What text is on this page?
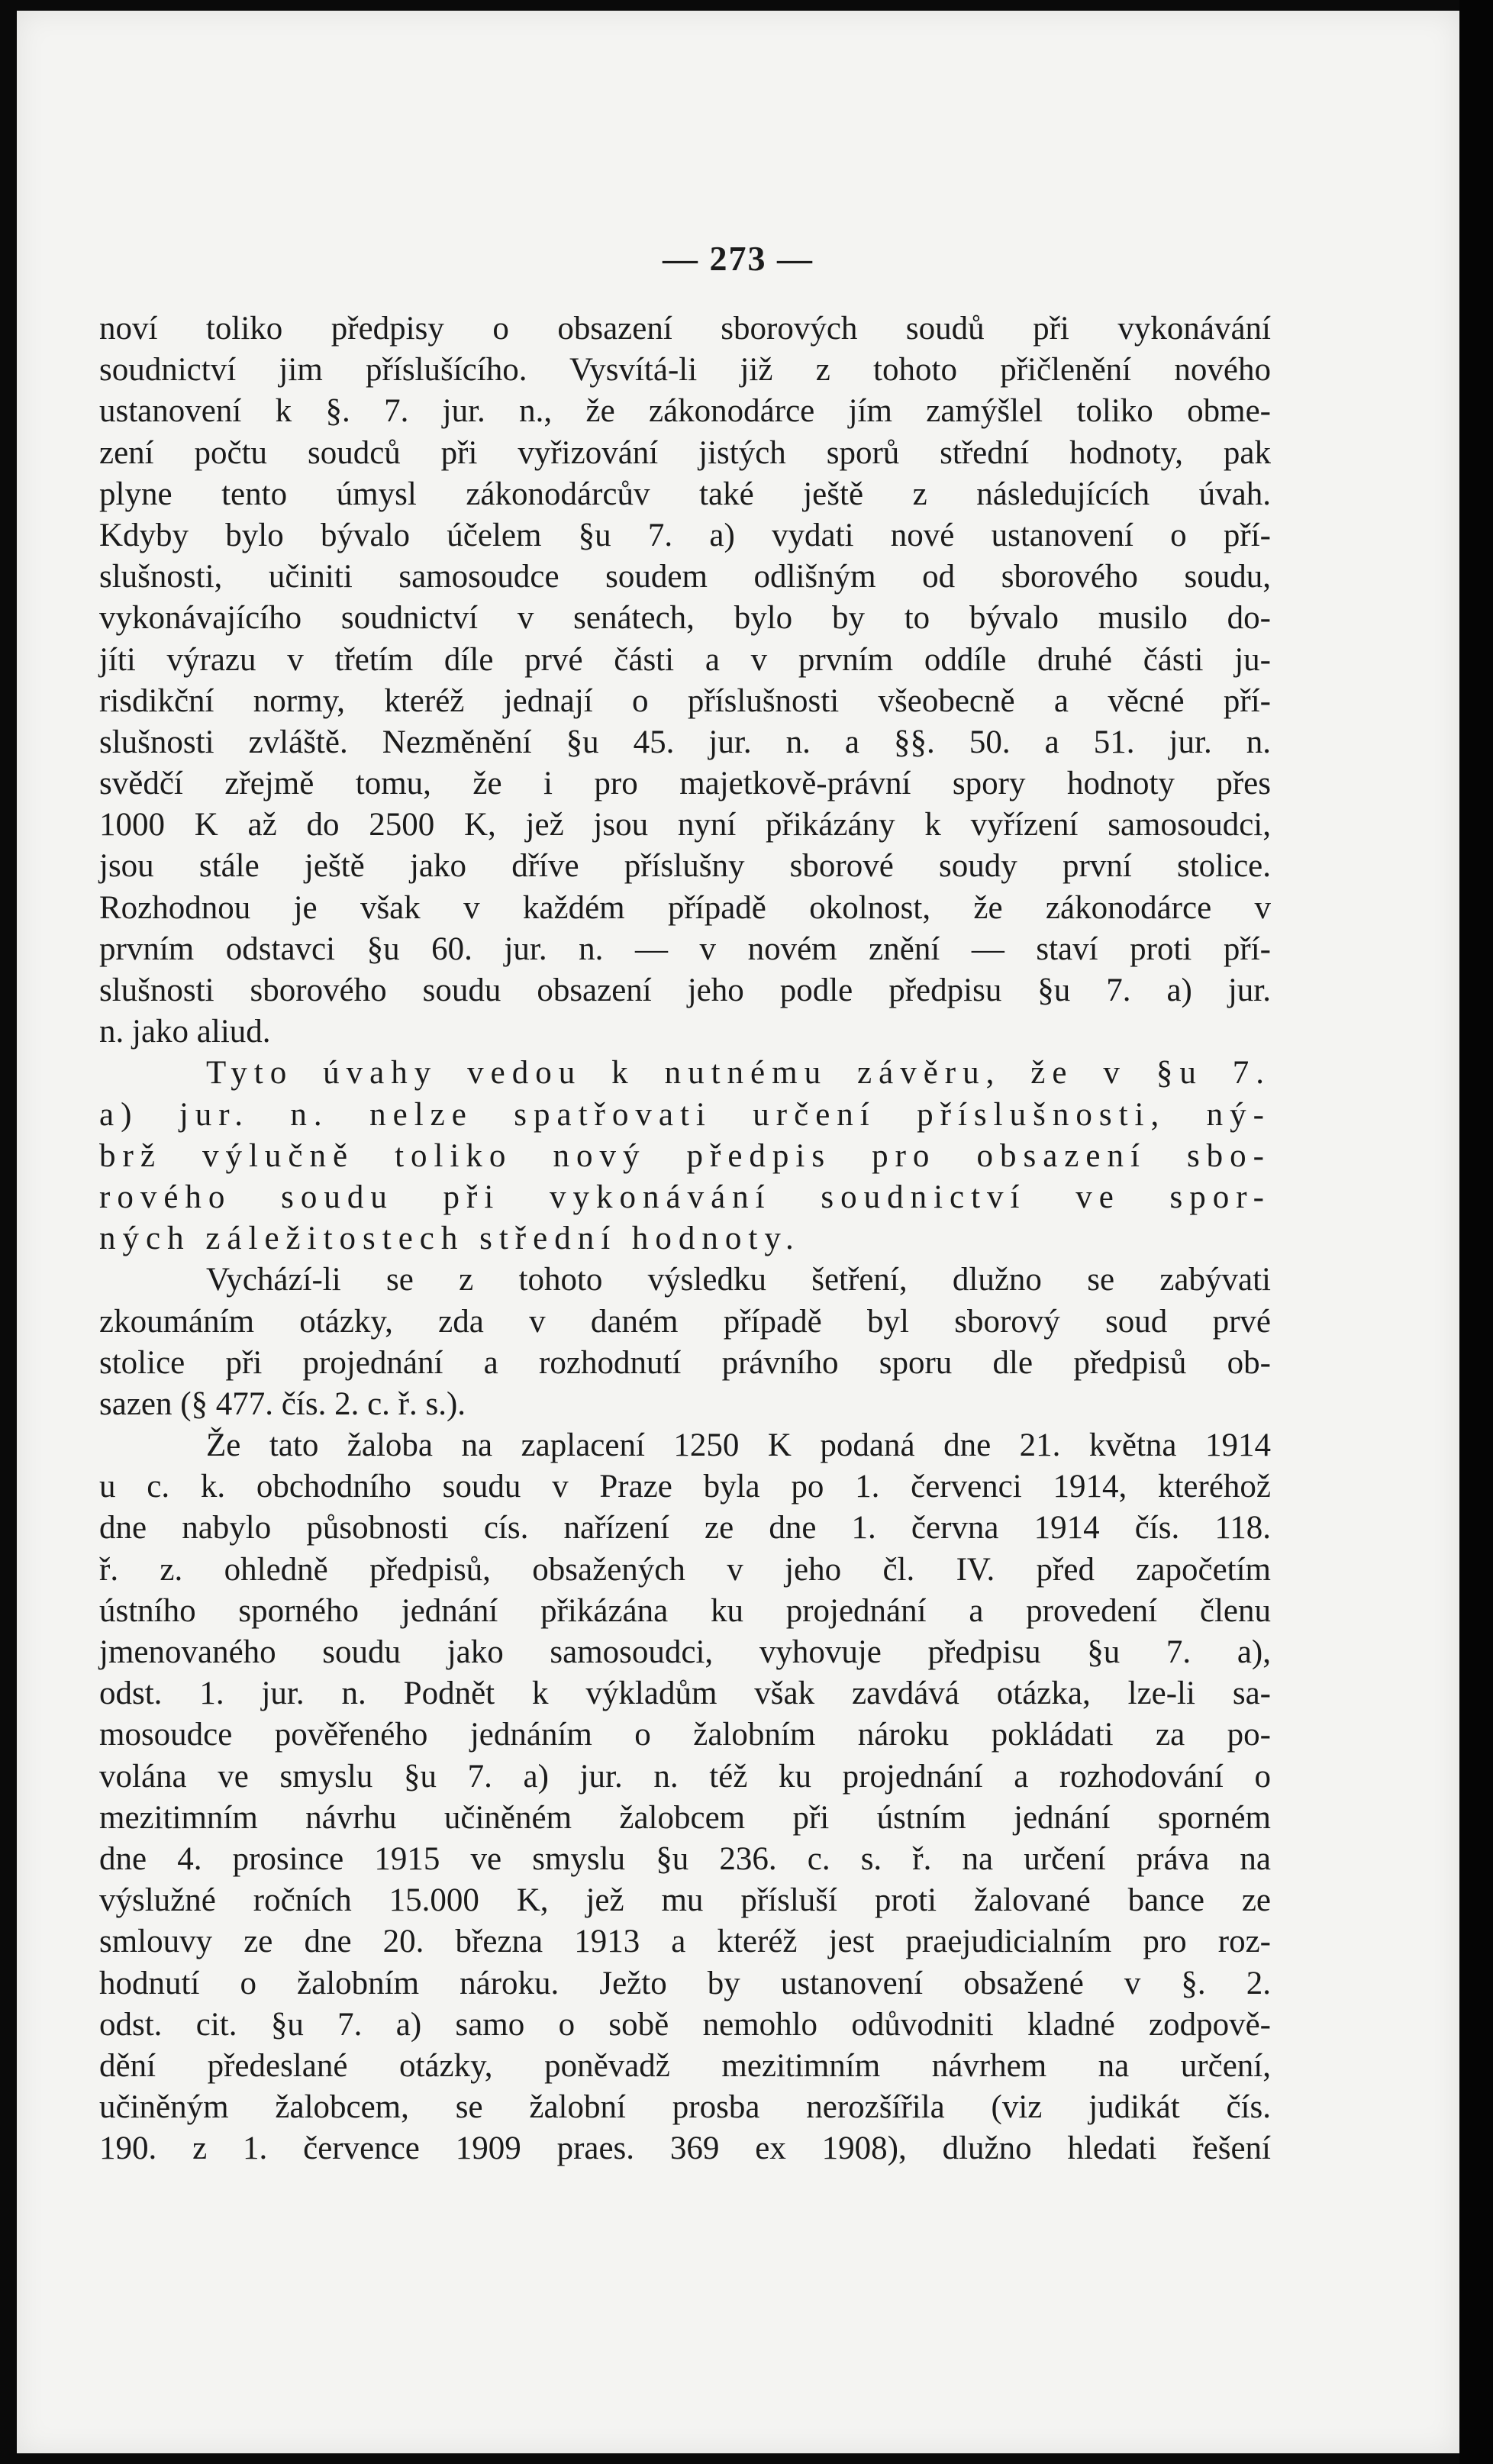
— 273 —
noví toliko předpisy o obsazení sborových soudů při vykonávání
soudnictví jim příslušícího. Vysvítá-li již z tohoto přičlenění nového
ustanovení k §. 7. jur. n., že zákonodárce jím zamýšlel toliko obme-
zení počtu soudců při vyřizování jistých sporů střední hodnoty, pak
plyne tento úmysl zákonodárcův také ještě z následujících úvah.
Kdyby bylo bývalo účelem §u 7. a) vydati nové ustanovení o pří-
slušnosti, učiniti samosoudce soudem odlišným od sborového soudu,
vykonávajícího soudnictví v senátech, bylo by to bývalo musilo do-
jíti výrazu v třetím díle prvé části a v prvním oddíle druhé části ju-
risdikční normy, kteréž jednají o příslušnosti všeobecně a věcné pří-
slušnosti zvláště. Nezměnění §u 45. jur. n. a §§. 50. a 51. jur. n.
svědčí zřejmě tomu, že i pro majetkově-právní spory hodnoty přes
1000 K až do 2500 K, jež jsou nyní přikázány k vyřízení samosoudci,
jsou stále ještě jako dříve příslušny sborové soudy první stolice.
Rozhodnou je však v každém případě okolnost, že zákonodárce v
prvním odstavci §u 60. jur. n. — v novém znění — staví proti pří-
slušnosti sborového soudu obsazení jeho podle předpisu §u 7. a) jur.
n. jako aliud.
Tyto úvahy vedou k nutnému závěru, že v §u 7.
a) jur. n. nelze spatřovati určení příslušnosti, ný-
brž výlučně toliko nový předpis pro obsazení sbo-
rového soudu při vykonávání soudnictví ve spor-
ných záležitostech střední hodnoty.
Vychází-li se z tohoto výsledku šetření, dlužno se zabývati
zkoumáním otázky, zda v daném případě byl sborový soud prvé
stolice při projednání a rozhodnutí právního sporu dle předpisů ob-
sazen (§ 477. čís. 2. c. ř. s.).
Že tato žaloba na zaplacení 1250 K podaná dne 21. května 1914
u c. k. obchodního soudu v Praze byla po 1. červenci 1914, kteréhož
dne nabylo působnosti cís. nařízení ze dne 1. června 1914 čís. 118.
ř. z. ohledně předpisů, obsažených v jeho čl. IV. před započetím
ústního sporného jednání přikázána ku projednání a provedení členu
jmenovaného soudu jako samosoudci, vyhovuje předpisu §u 7. a),
odst. 1. jur. n. Podnět k výkladům však zavdává otázka, lze-li sa-
mosoudce pověřeného jednáním o žalobním nároku pokládati za po-
volána ve smyslu §u 7. a) jur. n. též ku projednání a rozhodování o
mezitimním návrhu učiněném žalobcem při ústním jednání sporném
dne 4. prosince 1915 ve smyslu §u 236. c. s. ř. na určení práva na
výslužné ročních 15.000 K, jež mu přísluší proti žalované bance ze
smlouvy ze dne 20. března 1913 a kteréž jest praejudicialním pro roz-
hodnutí o žalobním nároku. Ježto by ustanovení obsažené v §. 2.
odst. cit. §u 7. a) samo o sobě nemohlo odůvodniti kladné zodpově-
dění předeslané otázky, poněvadž mezitimním návrhem na určení,
učiněným žalobcem, se žalobní prosba nerozšířila (viz judikát čís.
190. z 1. července 1909 praes. 369 ex 1908), dlužno hledati řešení
